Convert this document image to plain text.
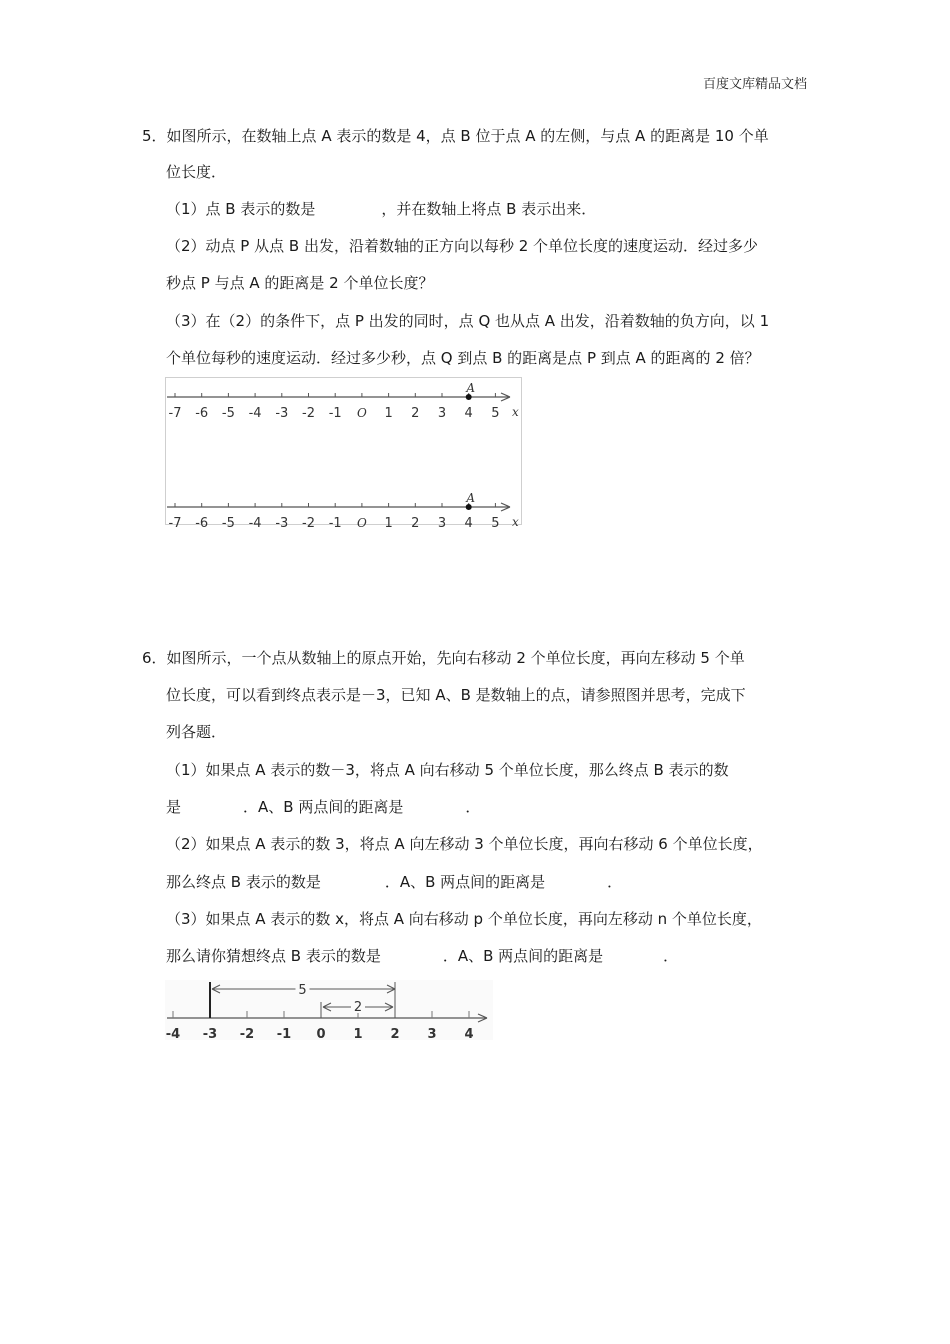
百度文库精品文档
5．如图所示，在数轴上点 A 表示的数是 4，点 B 位于点 A 的左侧，与点 A 的距离是 10 个单
位长度．
（1）点 B 表示的数是	，并在数轴上将点 B 表示出来．
（2）动点 P 从点 B 出发，沿着数轴的正方向以每秒 2 个单位长度的速度运动．经过多少
秒点 P 与点 A 的距离是 2 个单位长度？
（3）在（2）的条件下，点 P 出发的同时，点 Q 也从点 A 出发，沿着数轴的负方向，以 1
个单位每秒的速度运动．经过多少秒，点 Q 到点 B 的距离是点 P 到点 A 的距离的 2 倍？
-7 -6 -5 -4 -3 -2 -1 O 1 2 3 4 5 x
A
-7 -6 -5 -4 -3 -2 -1 O 1 2 3 4 5 x
A
6．如图所示，一个点从数轴上的原点开始，先向右移动 2 个单位长度，再向左移动 5 个单
位长度，可以看到终点表示是－3，已知 A、B 是数轴上的点，请参照图并思考，完成下
列各题．
（1）如果点 A 表示的数－3，将点 A 向右移动 5 个单位长度，那么终点 B 表示的数
是	．A、B 两点间的距离是	．
（2）如果点 A 表示的数 3，将点 A 向左移动 3 个单位长度，再向右移动 6 个单位长度，
那么终点 B 表示的数是	．A、B 两点间的距离是	．
（3）如果点 A 表示的数 x，将点 A 向右移动 p 个单位长度，再向左移动 n 个单位长度，
那么请你猜想终点 B 表示的数是	．A、B 两点间的距离是	．
-4 -3 -2 -1 0 1 2 3 4
5
2
